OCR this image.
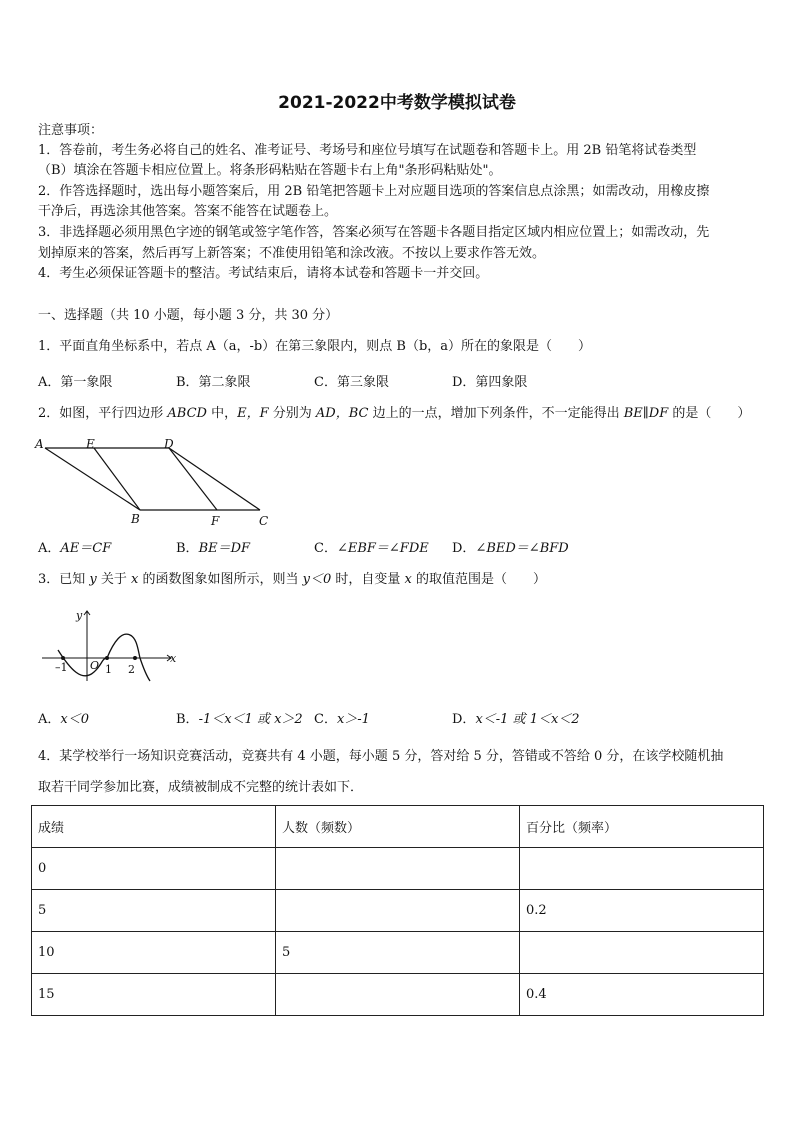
2021-2022中考数学模拟试卷
注意事项：
1．答卷前，考生务必将自己的姓名、准考证号、考场号和座位号填写在试题卷和答题卡上。用 2B 铅笔将试卷类型
（B）填涂在答题卡相应位置上。将条形码粘贴在答题卡右上角"条形码粘贴处"。
2．作答选择题时，选出每小题答案后，用 2B 铅笔把答题卡上对应题目选项的答案信息点涂黑；如需改动，用橡皮擦
干净后，再选涂其他答案。答案不能答在试题卷上。
3．非选择题必须用黑色字迹的钢笔或签字笔作答，答案必须写在答题卡各题目指定区域内相应位置上；如需改动，先
划掉原来的答案，然后再写上新答案；不准使用铅笔和涂改液。不按以上要求作答无效。
4．考生必须保证答题卡的整洁。考试结束后，请将本试卷和答题卡一并交回。
一、选择题（共 10 小题，每小题 3 分，共 30 分）
1．平面直角坐标系中，若点 A（a，-b）在第三象限内，则点 B（b，a）所在的象限是（　　）
A．第一象限	B．第二象限	C．第三象限	D．第四象限
2．如图，平行四边形 ABCD 中，E，F 分别为 AD，BC 边上的一点，增加下列条件，不一定能得出 BE∥DF 的是（　　）
A	E	D
B	F	C
A．AE＝CF	B．BE＝DF	C．∠EBF＝∠FDE D．∠BED＝∠BFD
3．已知 y 关于 x 的函数图象如图所示，则当 y＜0 时，自变量 x 的取值范围是（　　）
y
x
O
–1	1 2
A．x＜0	B．-1＜x＜1 或 x＞2 C．x＞-1	D．x＜-1 或 1＜x＜2
4．某学校举行一场知识竞赛活动，竞赛共有 4 小题，每小题 5 分，答对给 5 分，答错或不答给 0 分，在该学校随机抽
取若干同学参加比赛，成绩被制成不完整的统计表如下．
成绩	人数（频数）	百分比（频率）
0		
5		0.2
10	5	
15		0.4
